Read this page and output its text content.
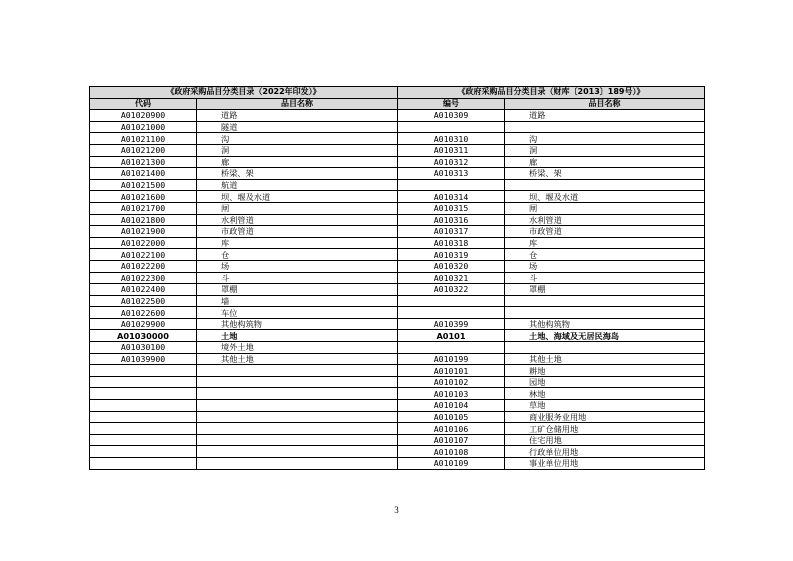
《政府采购品目分类目录（2022年印发）》		《政府采购品目分类目录（财库〔2013〕189号）》	
代码	品目名称	编号	品目名称
A01020900	道路	A010309	道路
A01021000	隧道		
A01021100	沟	A010310	沟
A01021200	洞	A010311	洞
A01021300	廊	A010312	廊
A01021400	桥梁、架	A010313	桥梁、架
A01021500	航道		
A01021600	坝、堰及水道	A010314	坝、堰及水道
A01021700	闸	A010315	闸
A01021800	水利管道	A010316	水利管道
A01021900	市政管道	A010317	市政管道
A01022000	库	A010318	库
A01022100	仓	A010319	仓
A01022200	场	A010320	场
A01022300	斗	A010321	斗
A01022400	罩棚	A010322	罩棚
A01022500	墙		
A01022600	车位		
A01029900	其他构筑物	A010399	其他构筑物
A01030000	土地	A0101	土地、海域及无居民海岛
A01030100	境外土地		
A01039900	其他土地	A010199	其他土地
		A010101	耕地
		A010102	园地
		A010103	林地
		A010104	草地
		A010105	商业服务业用地
		A010106	工矿仓储用地
		A010107	住宅用地
		A010108	行政单位用地
		A010109	事业单位用地
3
